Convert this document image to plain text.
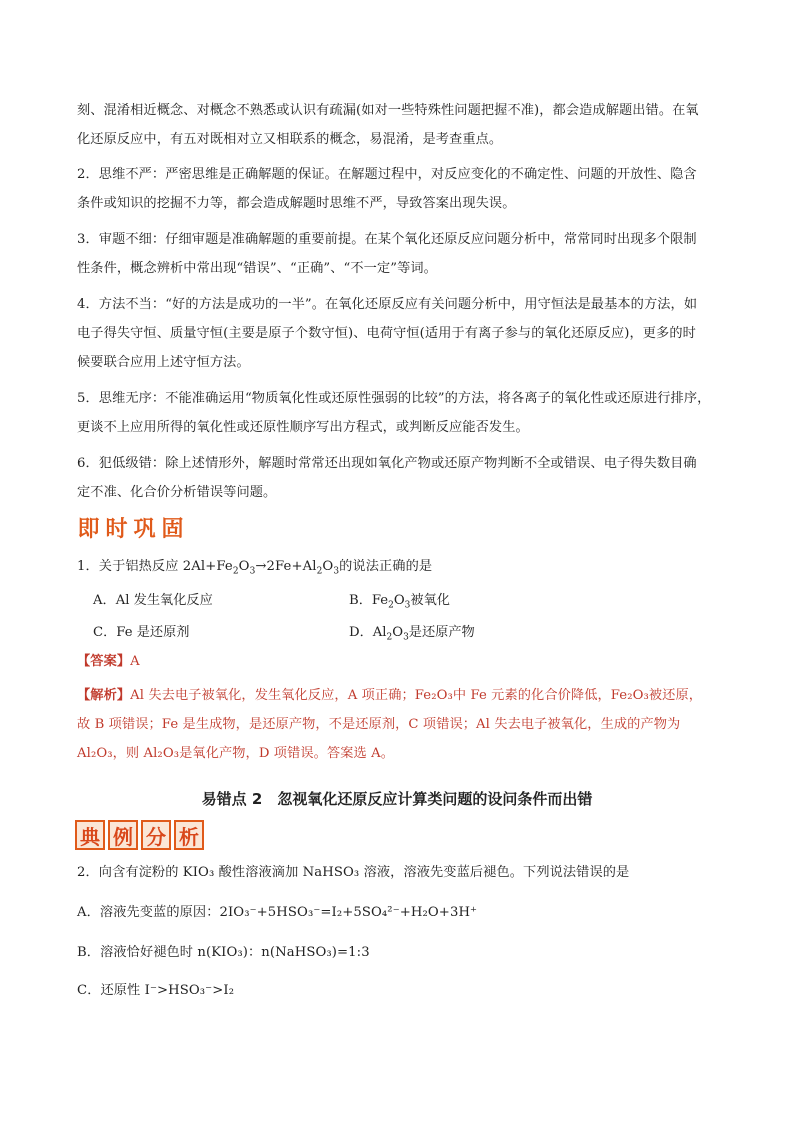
刻、混淆相近概念、对概念不熟悉或认识有疏漏(如对一些特殊性问题把握不准)，都会造成解题出错。在氧
化还原反应中，有五对既相对立又相联系的概念，易混淆，是考查重点。
2．思维不严：严密思维是正确解题的保证。在解题过程中，对反应变化的不确定性、问题的开放性、隐含
条件或知识的挖掘不力等，都会造成解题时思维不严，导致答案出现失误。
3．审题不细：仔细审题是准确解题的重要前提。在某个氧化还原反应问题分析中，常常同时出现多个限制
性条件，概念辨析中常出现“错误”、“正确”、“不一定”等词。
4．方法不当：“好的方法是成功的一半”。在氧化还原反应有关问题分析中，用守恒法是最基本的方法，如
电子得失守恒、质量守恒(主要是原子个数守恒)、电荷守恒(适用于有离子参与的氧化还原反应)，更多的时
候要联合应用上述守恒方法。
5．思维无序：不能准确运用“物质氧化性或还原性强弱的比较”的方法，将各离子的氧化性或还原进行排序，
更谈不上应用所得的氧化性或还原性顺序写出方程式，或判断反应能否发生。
6．犯低级错：除上述情形外，解题时常常还出现如氧化产物或还原产物判断不全或错误、电子得失数目确
定不准、化合价分析错误等问题。
即 时 巩 固
1．关于铝热反应 $2Al+Fe_2O_3\to 2Fe+Al_2O_3$的说法正确的是
A．Al 发生氧化反应	B．$Fe_2O_3$被氧化
C．Fe 是还原剂	D．$Al_2O_3$是还原产物
【答案】A
【解析】Al 失去电子被氧化，发生氧化反应，A 项正确；Fe₂O₃中 Fe 元素的化合价降低，Fe₂O₃被还原，
故 B 项错误；Fe 是生成物，是还原产物，不是还原剂，C 项错误；Al 失去电子被氧化，生成的产物为
Al₂O₃，则 Al₂O₃是氧化产物，D 项错误。答案选 A。
易错点 2　忽视氧化还原反应计算类问题的设问条件而出错
典 例 分 析
2．向含有淀粉的 KIO₃ 酸性溶液滴加 NaHSO₃ 溶液，溶液先变蓝后褪色。下列说法错误的是
A．溶液先变蓝的原因：2IO₃⁻+5HSO₃⁻=I₂+5SO₄²⁻+H₂O+3H⁺
B．溶液恰好褪色时 n(KIO₃)：n(NaHSO₃)=1:3
C．还原性 I⁻>HSO₃⁻>I₂
